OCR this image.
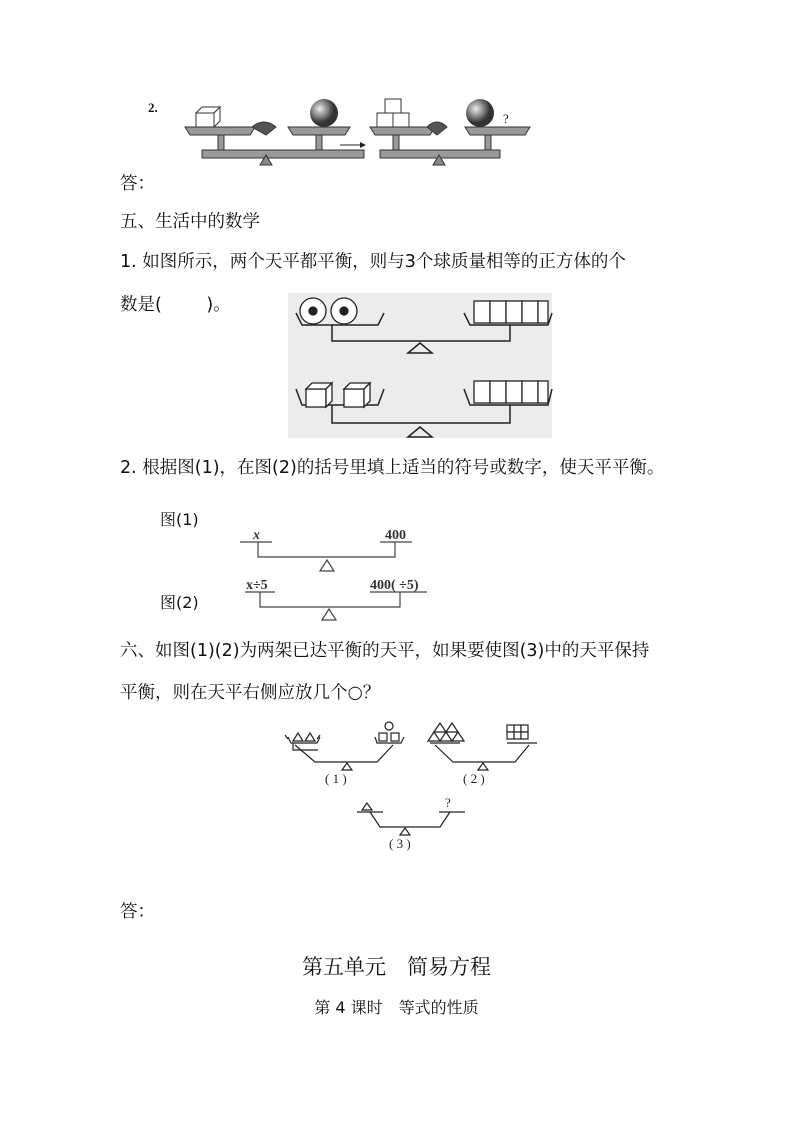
2.
?
答：
五、生活中的数学
1. 如图所示，两个天平都平衡，则与3个球质量相等的正方体的个
数是(        )。
2. 根据图(1)，在图(2)的括号里填上适当的符号或数字，使天平平衡。
图(1)
图(2)
x	400
x÷5	400( ÷5)
六、如图(1)(2)为两架已达平衡的天平，如果要使图(3)中的天平保持
平衡，则在天平右侧应放几个○？
( 1 )	( 2 )
( 3 )
?
答：
第五单元　简易方程
第 4 课时　等式的性质
